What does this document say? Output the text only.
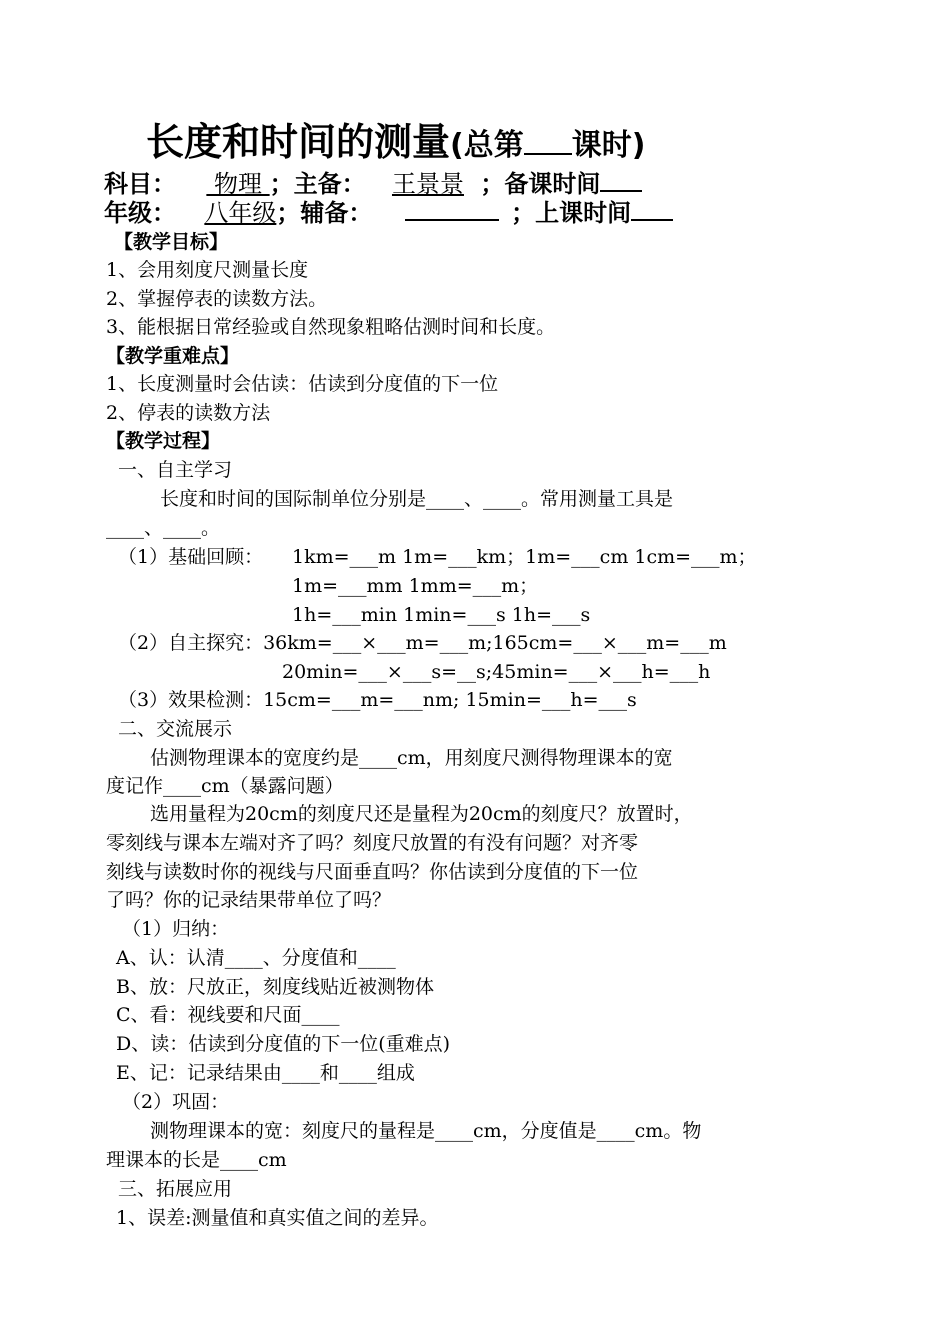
长度和时间的测量(总第 课时)
科目：  物理 ；主备： 王景景 ；备课时间
年级： 八年级；辅备：	；上课时间
【教学目标】
1、会用刻度尺测量长度
2、掌握停表的读数方法。
3、能根据日常经验或自然现象粗略估测时间和长度。
【教学重难点】
1、长度测量时会估读：估读到分度值的下一位
2、停表的读数方法
【教学过程】
一、自主学习
长度和时间的国际制单位分别是____、____。常用测量工具是
____、____。
（1）基础回顾： 1km=___m 1m=___km；1m=___cm 1cm=___m；
1m=___mm 1mm=___m；
1h=___min 1min=___s 1h=___s
（2）自主探究：36km=___×___m=___m;165cm=___×___m=___m
20min=___×___s=__s;45min=___×___h=___h
（3）效果检测：15cm=___m=___nm; 15min=___h=___s
二、交流展示
估测物理课本的宽度约是____cm，用刻度尺测得物理课本的宽
度记作____cm（暴露问题）
选用量程为20cm的刻度尺还是量程为20cm的刻度尺？放置时，
零刻线与课本左端对齐了吗？刻度尺放置的有没有问题？对齐零
刻线与读数时你的视线与尺面垂直吗？你估读到分度值的下一位
了吗？你的记录结果带单位了吗？
（1）归纳：
A、认：认清____、分度值和____
B、放：尺放正，刻度线贴近被测物体
C、看：视线要和尺面____
D、读：估读到分度值的下一位(重难点)
E、记：记录结果由____和____组成
（2）巩固：
测物理课本的宽：刻度尺的量程是____cm，分度值是____cm。物
理课本的长是____cm
三、拓展应用
1、误差:测量值和真实值之间的差异。
